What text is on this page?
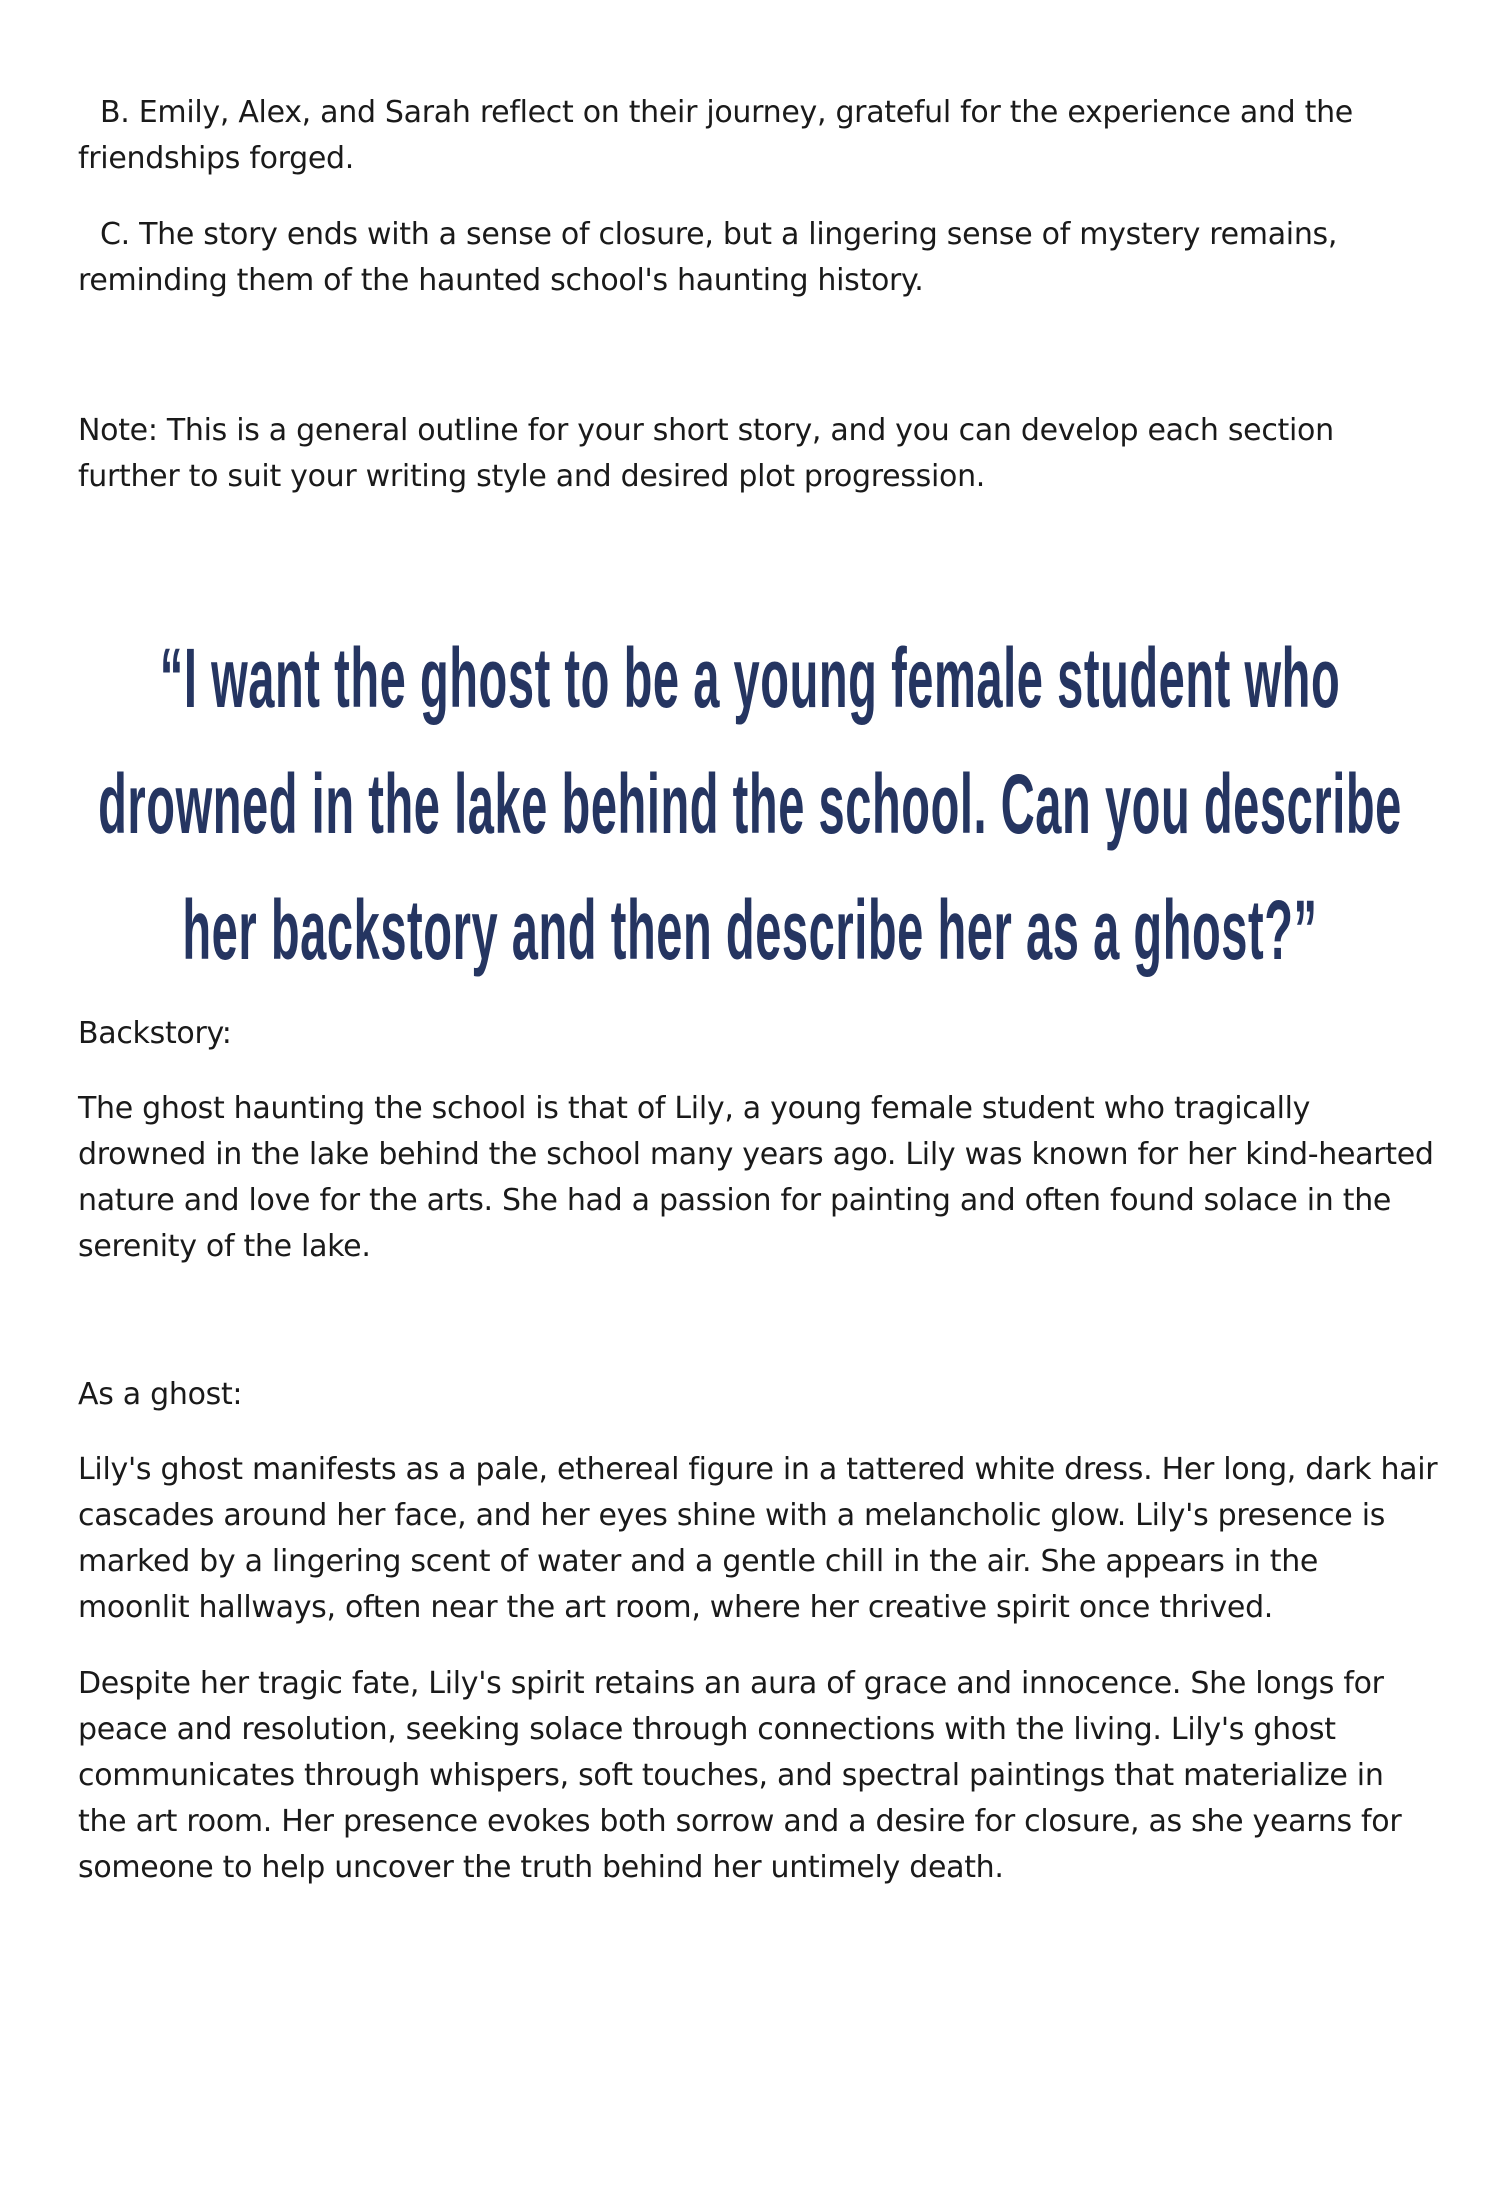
B. Emily, Alex, and Sarah reflect on their journey, grateful for the experience and the friendships forged.

C. The story ends with a sense of closure, but a lingering sense of mystery remains, reminding them of the haunted school's haunting history.

Note: This is a general outline for your short story, and you can develop each section further to suit your writing style and desired plot progression.

“I want the ghost to be a young female student who drowned in the lake behind the school. Can you describe her backstory and then describe her as a ghost?”

Backstory:

The ghost haunting the school is that of Lily, a young female student who tragically drowned in the lake behind the school many years ago. Lily was known for her kind-hearted nature and love for the arts. She had a passion for painting and often found solace in the serenity of the lake.

As a ghost:

Lily's ghost manifests as a pale, ethereal figure in a tattered white dress. Her long, dark hair cascades around her face, and her eyes shine with a melancholic glow. Lily's presence is marked by a lingering scent of water and a gentle chill in the air. She appears in the moonlit hallways, often near the art room, where her creative spirit once thrived.

Despite her tragic fate, Lily's spirit retains an aura of grace and innocence. She longs for peace and resolution, seeking solace through connections with the living. Lily's ghost communicates through whispers, soft touches, and spectral paintings that materialize in the art room. Her presence evokes both sorrow and a desire for closure, as she yearns for someone to help uncover the truth behind her untimely death.
